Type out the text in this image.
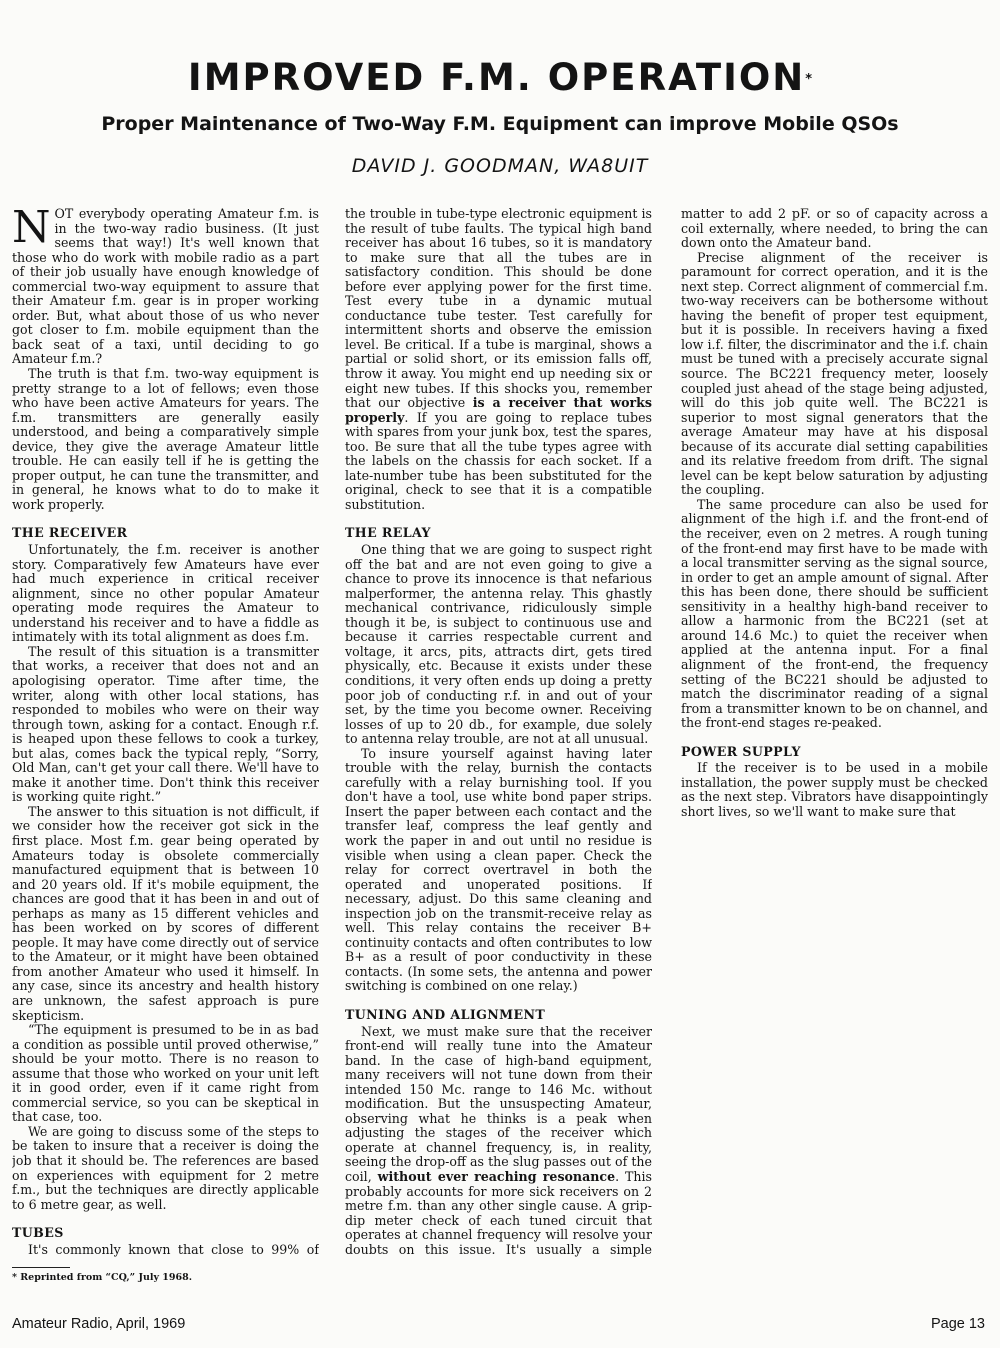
IMPROVED F.M. OPERATION*
Proper Maintenance of Two-Way F.M. Equipment can improve Mobile QSOs
DAVID J. GOODMAN, WA8UIT

NOT everybody operating Amateur f.m. is in the two-way radio business. (It just seems that way!) It's well known that those who do work with mobile radio as a part of their job usually have enough knowledge of commercial two-way equipment to assure that their Amateur f.m. gear is in proper working order. But, what about those of us who never got closer to f.m. mobile equipment than the back seat of a taxi, until deciding to go Amateur f.m.?

The truth is that f.m. two-way equipment is pretty strange to a lot of fellows; even those who have been active Amateurs for years. The f.m. transmitters are generally easily understood, and being a comparatively simple device, they give the average Amateur little trouble. He can easily tell if he is getting the proper output, he can tune the transmitter, and in general, he knows what to do to make it work properly.

THE RECEIVER

Unfortunately, the f.m. receiver is another story. Comparatively few Amateurs have ever had much experience in critical receiver alignment, since no other popular Amateur operating mode requires the Amateur to understand his receiver and to have a fiddle as intimately with its total alignment as does f.m.

The result of this situation is a transmitter that works, a receiver that does not and an apologising operator. Time after time, the writer, along with other local stations, has responded to mobiles who were on their way through town, asking for a contact. Enough r.f. is heaped upon these fellows to cook a turkey, but alas, comes back the typical reply, “Sorry, Old Man, can't get your call there. We'll have to make it another time. Don't think this receiver is working quite right.”

The answer to this situation is not difficult, if we consider how the receiver got sick in the first place. Most f.m. gear being operated by Amateurs today is obsolete commercially manufactured equipment that is between 10 and 20 years old. If it's mobile equipment, the chances are good that it has been in and out of perhaps as many as 15 different vehicles and has been worked on by scores of different people. It may have come directly out of service to the Amateur, or it might have been obtained from another Amateur who used it himself. In any case, since its ancestry and health history are unknown, the safest approach is pure skepticism.

“The equipment is presumed to be in as bad a condition as possible until proved otherwise,” should be your motto. There is no reason to assume that those who worked on your unit left it in good order, even if it came right from commercial service, so you can be skeptical in that case, too.

We are going to discuss some of the steps to be taken to insure that a receiver is doing the job that it should be. The references are based on experiences with equipment for 2 metre f.m., but the techniques are directly applicable to 6 metre gear, as well.

TUBES

It's commonly known that close to 99% of

the trouble in tube-type electronic equipment is the result of tube faults. The typical high band receiver has about 16 tubes, so it is mandatory to make sure that all the tubes are in satisfactory condition. This should be done before ever applying power for the first time. Test every tube in a dynamic mutual conductance tube tester. Test carefully for intermittent shorts and observe the emission level. Be critical. If a tube is marginal, shows a partial or solid short, or its emission falls off, throw it away. You might end up needing six or eight new tubes. If this shocks you, remember that our objective is a receiver that works properly. If you are going to replace tubes with spares from your junk box, test the spares, too. Be sure that all the tube types agree with the labels on the chassis for each socket. If a late-number tube has been substituted for the original, check to see that it is a compatible substitution.

THE RELAY

One thing that we are going to suspect right off the bat and are not even going to give a chance to prove its innocence is that nefarious malperformer, the antenna relay. This ghastly mechanical contrivance, ridiculously simple though it be, is subject to continuous use and because it carries respectable current and voltage, it arcs, pits, attracts dirt, gets tired physically, etc. Because it exists under these conditions, it very often ends up doing a pretty poor job of conducting r.f. in and out of your set, by the time you become owner. Receiving losses of up to 20 db., for example, due solely to antenna relay trouble, are not at all unusual.

To insure yourself against having later trouble with the relay, burnish the contacts carefully with a relay burnishing tool. If you don't have a tool, use white bond paper strips. Insert the paper between each contact and the transfer leaf, compress the leaf gently and work the paper in and out until no residue is visible when using a clean paper. Check the relay for correct overtravel in both the operated and unoperated positions. If necessary, adjust. Do this same cleaning and inspection job on the transmit-receive relay as well. This relay contains the receiver B+ continuity contacts and often contributes to low B+ as a result of poor conductivity in these contacts. (In some sets, the antenna and power switching is combined on one relay.)

TUNING AND ALIGNMENT

Next, we must make sure that the receiver front-end will really tune into the Amateur band. In the case of high-band equipment, many receivers will not tune down from their intended 150 Mc. range to 146 Mc. without modification. But the unsuspecting Amateur, observing what he thinks is a peak when adjusting the stages of the receiver which operate at channel frequency, is, in reality, seeing the drop-off as the slug passes out of the coil, without ever reaching resonance. This probably accounts for more sick receivers on 2 metre f.m. than any other single cause. A grip-dip meter check of each tuned circuit that operates at channel frequency will resolve your doubts on this issue. It's usually a simple

matter to add 2 pF. or so of capacity across a coil externally, where needed, to bring the can down onto the Amateur band.

Precise alignment of the receiver is paramount for correct operation, and it is the next step. Correct alignment of commercial f.m. two-way receivers can be bothersome without having the benefit of proper test equipment, but it is possible. In receivers having a fixed low i.f. filter, the discriminator and the i.f. chain must be tuned with a precisely accurate signal source. The BC221 frequency meter, loosely coupled just ahead of the stage being adjusted, will do this job quite well. The BC221 is superior to most signal generators that the average Amateur may have at his disposal because of its accurate dial setting capabilities and its relative freedom from drift. The signal level can be kept below saturation by adjusting the coupling.

The same procedure can also be used for alignment of the high i.f. and the front-end of the receiver, even on 2 metres. A rough tuning of the front-end may first have to be made with a local transmitter serving as the signal source, in order to get an ample amount of signal. After this has been done, there should be sufficient sensitivity in a healthy high-band receiver to allow a harmonic from the BC221 (set at around 14.6 Mc.) to quiet the receiver when applied at the antenna input. For a final alignment of the front-end, the frequency setting of the BC221 should be adjusted to match the discriminator reading of a signal from a transmitter known to be on channel, and the front-end stages re-peaked.

POWER SUPPLY

If the receiver is to be used in a mobile installation, the power supply must be checked as the next step. Vibrators have disappointingly short lives, so we'll want to make sure that

* Reprinted from “CQ,” July 1968.
Amateur Radio, April, 1969	Page 13
